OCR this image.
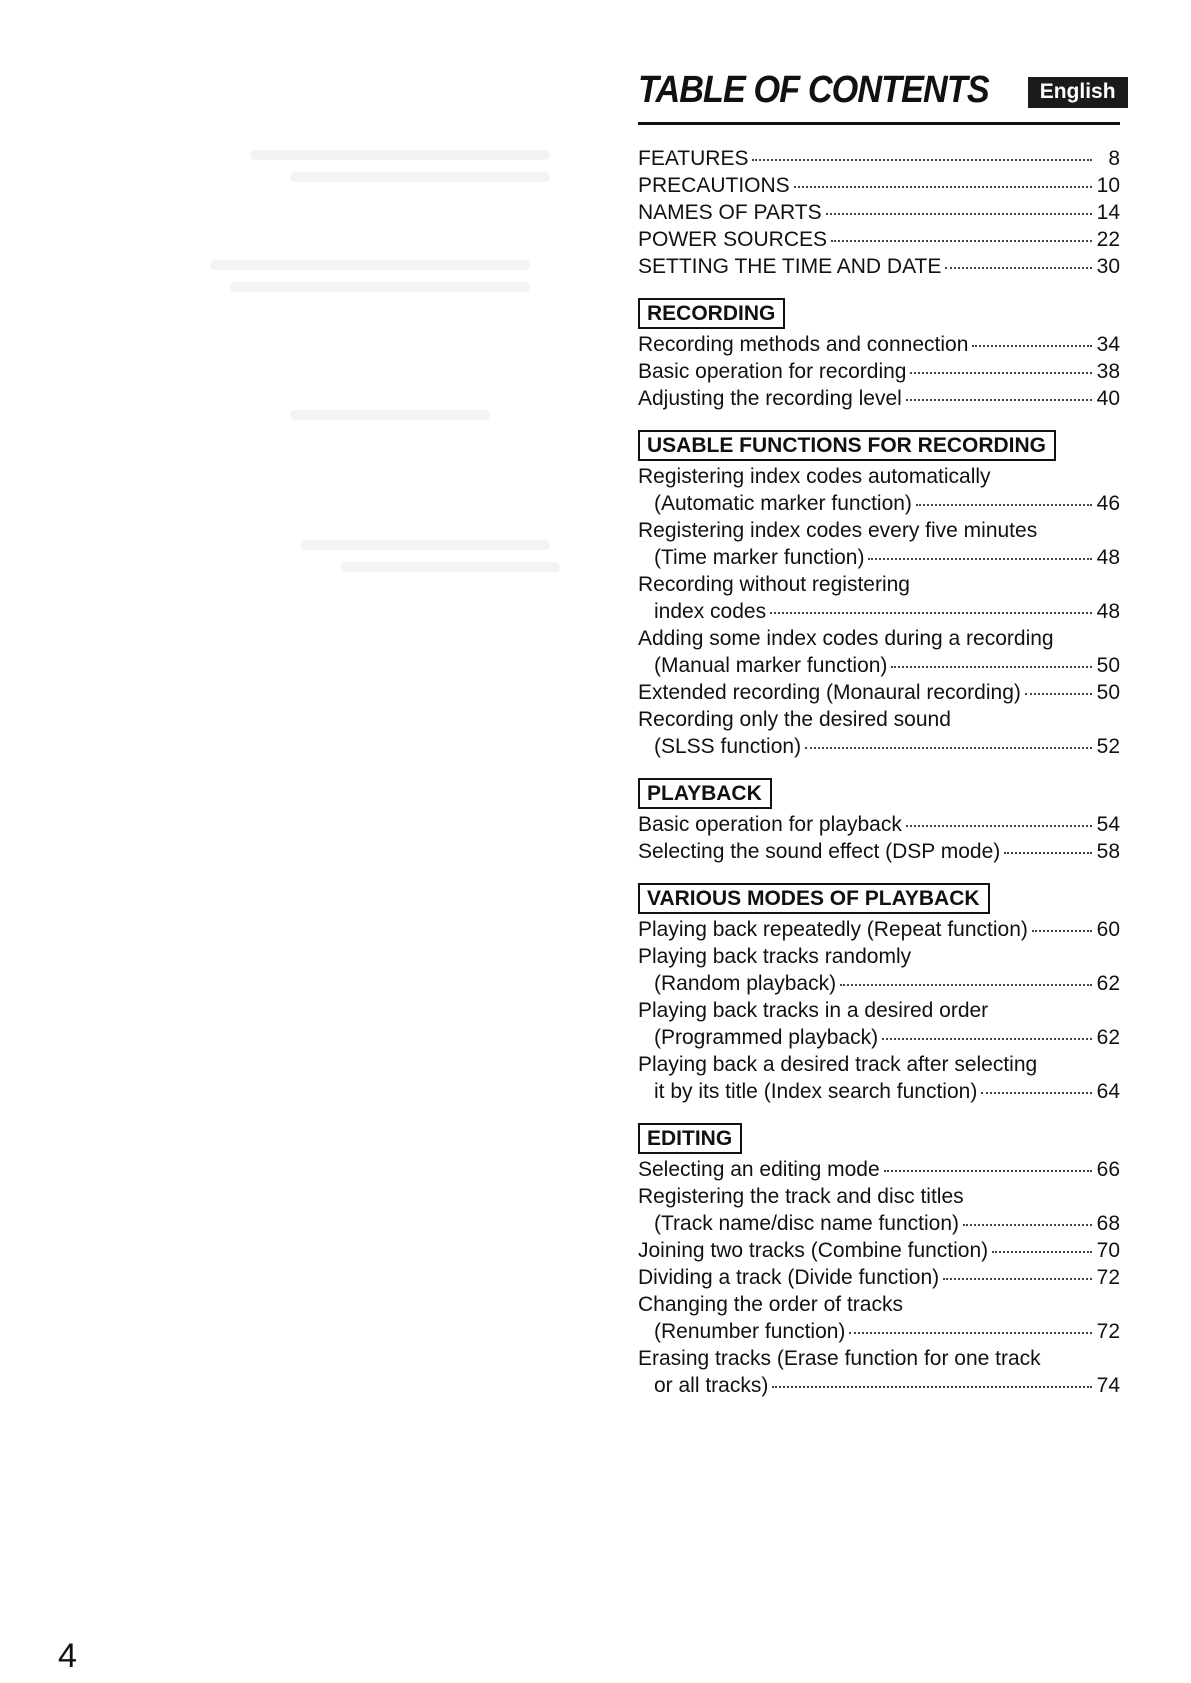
TABLE OF CONTENTS	English
FEATURES	8
PRECAUTIONS	10
NAMES OF PARTS	14
POWER SOURCES	22
SETTING THE TIME AND DATE	30
RECORDING
Recording methods and connection	34
Basic operation for recording	38
Adjusting the recording level	40
USABLE FUNCTIONS FOR RECORDING
Registering index codes automatically
(Automatic marker function)	46
Registering index codes every five minutes
(Time marker function)	48
Recording without registering
index codes	48
Adding some index codes during a recording
(Manual marker function)	50
Extended recording (Monaural recording)	50
Recording only the desired sound
(SLSS function)	52
PLAYBACK
Basic operation for playback	54
Selecting the sound effect (DSP mode)	58
VARIOUS MODES OF PLAYBACK
Playing back repeatedly (Repeat function)	60
Playing back tracks randomly
(Random playback)	62
Playing back tracks in a desired order
(Programmed playback)	62
Playing back a desired track after selecting
it by its title (Index search function)	64
EDITING
Selecting an editing mode	66
Registering the track and disc titles
(Track name/disc name function)	68
Joining two tracks (Combine function)	70
Dividing a track (Divide function)	72
Changing the order of tracks
(Renumber function)	72
Erasing tracks (Erase function for one track
or all tracks)	74
4
